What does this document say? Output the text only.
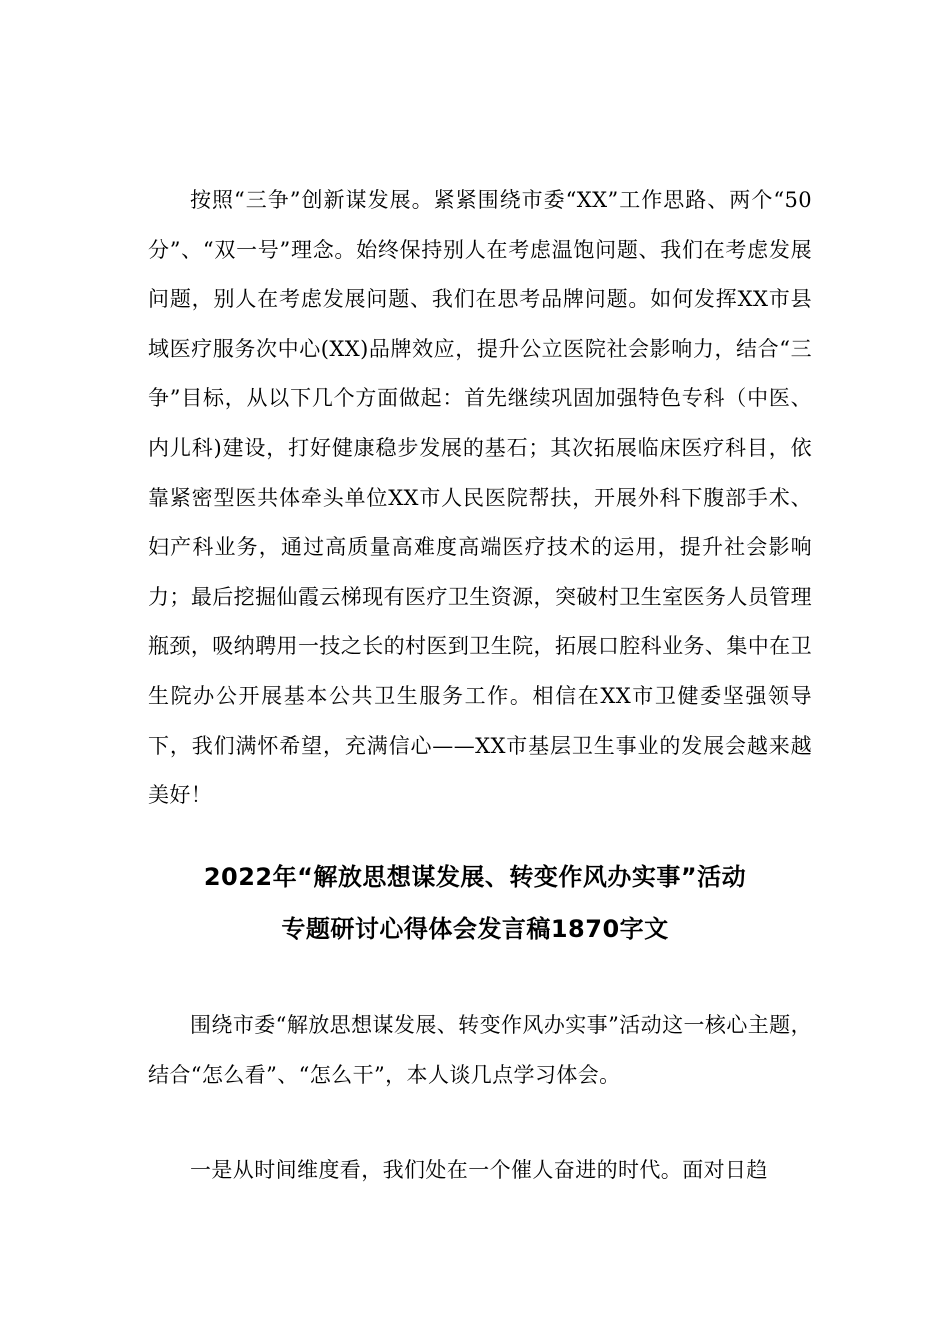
按照“三争”创新谋发展。紧紧围绕市委“XX”工作思路、两个“50分”、“双一号”理念。始终保持别人在考虑温饱问题、我们在考虑发展问题，别人在考虑发展问题、我们在思考品牌问题。如何发挥XX市县域医疗服务次中心(XX)品牌效应，提升公立医院社会影响力，结合“三争”目标，从以下几个方面做起：首先继续巩固加强特色专科（中医、内儿科)建设，打好健康稳步发展的基石；其次拓展临床医疗科目，依靠紧密型医共体牵头单位XX市人民医院帮扶，开展外科下腹部手术、妇产科业务，通过高质量高难度高端医疗技术的运用，提升社会影响力；最后挖掘仙霞云梯现有医疗卫生资源，突破村卫生室医务人员管理瓶颈，吸纳聘用一技之长的村医到卫生院，拓展口腔科业务、集中在卫生院办公开展基本公共卫生服务工作。相信在XX市卫健委坚强领导下，我们满怀希望，充满信心——XX市基层卫生事业的发展会越来越美好！

2022年“解放思想谋发展、转变作风办实事”活动
专题研讨心得体会发言稿1870字文

围绕市委“解放思想谋发展、转变作风办实事”活动这一核心主题，结合“怎么看”、“怎么干”，本人谈几点学习体会。

一是从时间维度看，我们处在一个催人奋进的时代。面对日趋
